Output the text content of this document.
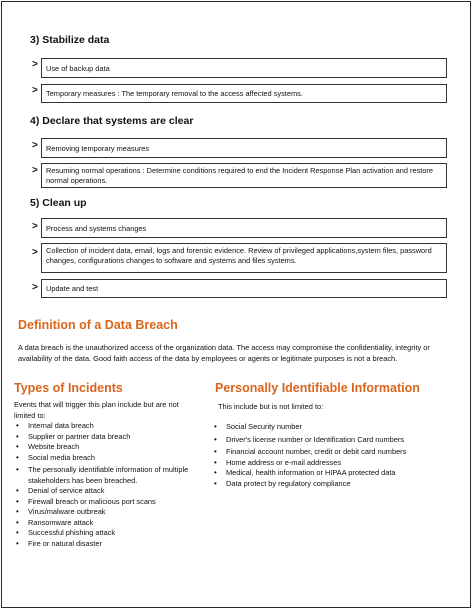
3) Stabilize data
>	Use of backup data
>	Temporary measures : The temporary removal to the access affected systems.
4) Declare that systems are clear
>	Removing temporary measures
>	Resuming normal operations : Determine conditions required to end the Incident Response Plan activation and restore normal operations.
5) Clean up
>	Process and systems changes
>	Collection of incident data, email, logs and forensic evidence. Review of privileged applications,system files, password changes, configurations changes to software and systems and files systems.
>	Update and test
Definition of a Data Breach
A data breach is the unauthorized access of the organization data. The access may compromise the confidentiality, integrity or availability of the data. Good faith access of the data by employees or agents or legitimate purposes is not a breach.
Types of Incidents
Events that will trigger this plan include but are not limited to:
• Internal data breach
• Supplier or partner data breach
• Website breach
• Social media breach
• The personally identifiable information of multiple stakeholders has been breached.
• Denial of service attack
• Firewall breach or malicious port scans
• Virus/malware outbreak
• Ransomware attack
• Successful phishing attack
• Fire or natural disaster
Personally Identifiable Information
This include but is not limited to:
• Social Security number
• Driver's license number or Identification Card numbers
• Financial account number, credit or debit card numbers
• Home address or e-mail addresses
• Medical, health information or HIPAA protected data
• Data protect by regulatory compliance
